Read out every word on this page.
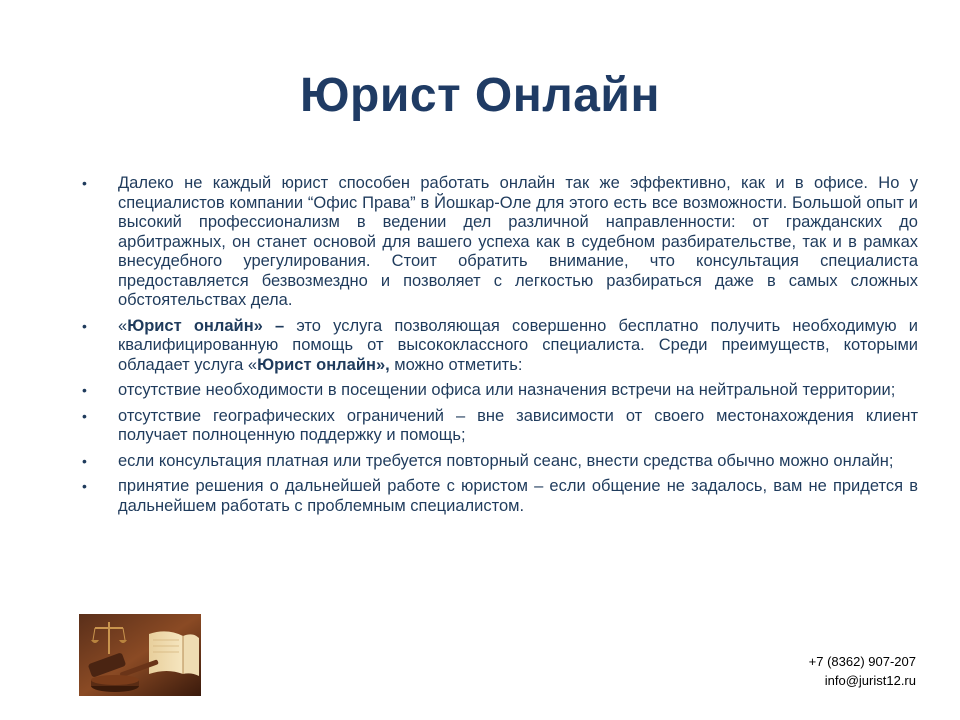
Юрист Онлайн
• Далеко не каждый юрист способен работать онлайн так же эффективно, как и в офисе. Но у специалистов компании “Офис Права” в Йошкар-Оле для этого есть все возможности. Большой опыт и высокий профессионализм в ведении дел различной направленности: от гражданских до арбитражных, он станет основой для вашего успеха как в судебном разбирательстве, так и в рамках внесудебного урегулирования. Стоит обратить внимание, что консультация специалиста предоставляется безвозмездно и позволяет с легкостью разбираться даже в самых сложных обстоятельствах дела.
• «Юрист онлайн» – это услуга позволяющая совершенно бесплатно получить необходимую и квалифицированную помощь от высококлассного специалиста. Среди преимуществ, которыми обладает услуга «Юрист онлайн», можно отметить:
• отсутствие необходимости в посещении офиса или назначения встречи на нейтральной территории;
• отсутствие географических ограничений – вне зависимости от своего местонахождения клиент получает полноценную поддержку и помощь;
• если консультация платная или требуется повторный сеанс, внести средства обычно можно онлайн;
• принятие решения о дальнейшей работе с юристом – если общение не задалось, вам не придется в дальнейшем работать с проблемным специалистом.
+7 (8362) 907-207
info@jurist12.ru
